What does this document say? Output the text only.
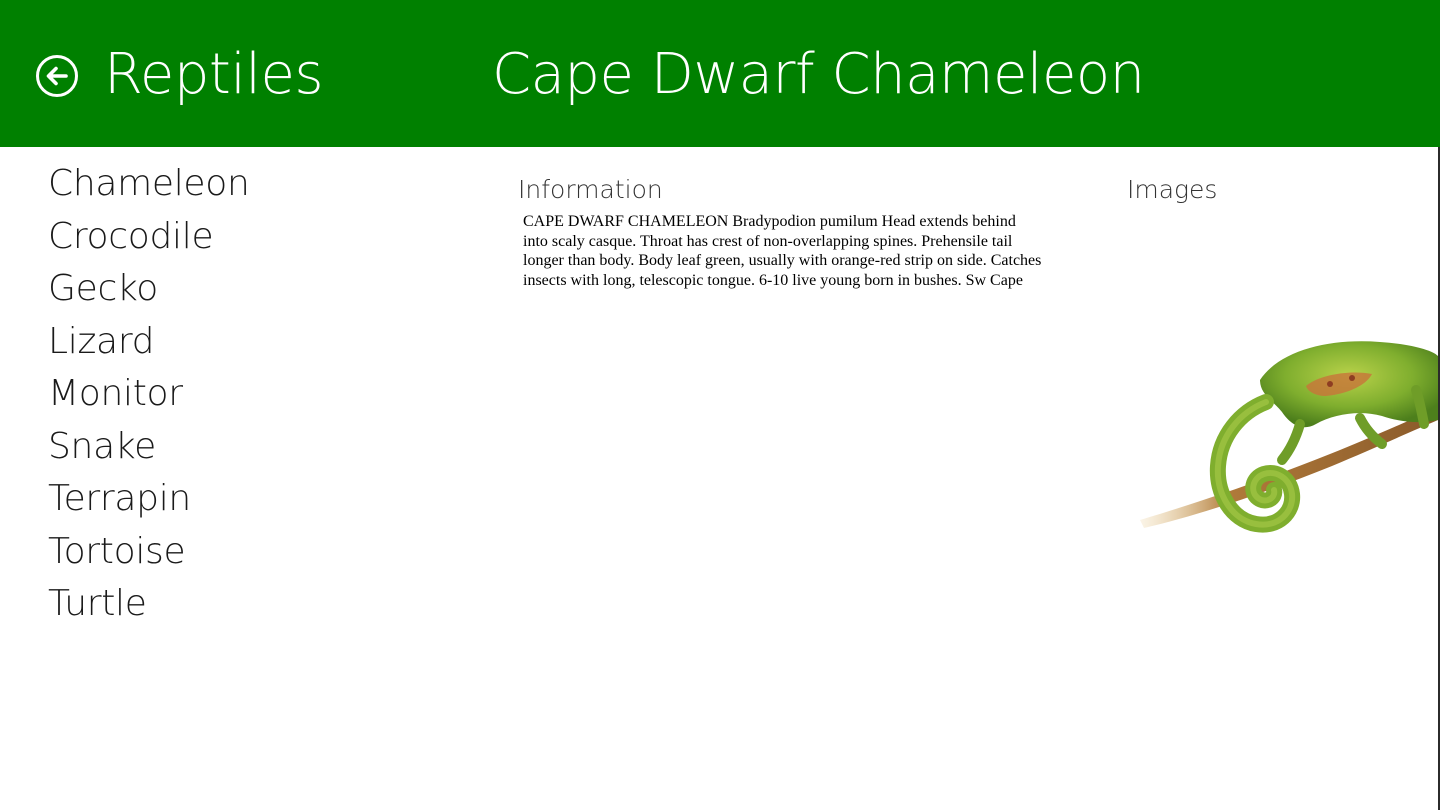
Reptiles	Cape Dwarf Chameleon
Chameleon
Crocodile
Gecko
Lizard
Monitor
Snake
Terrapin
Tortoise
Turtle
Information
CAPE DWARF CHAMELEON Bradypodion pumilum Head extends behind into scaly casque. Throat has crest of non-overlapping spines. Prehensile tail longer than body. Body leaf green, usually with orange-red strip on side. Catches insects with long, telescopic tongue. 6-10 live young born in bushes. Sw Cape
Images
